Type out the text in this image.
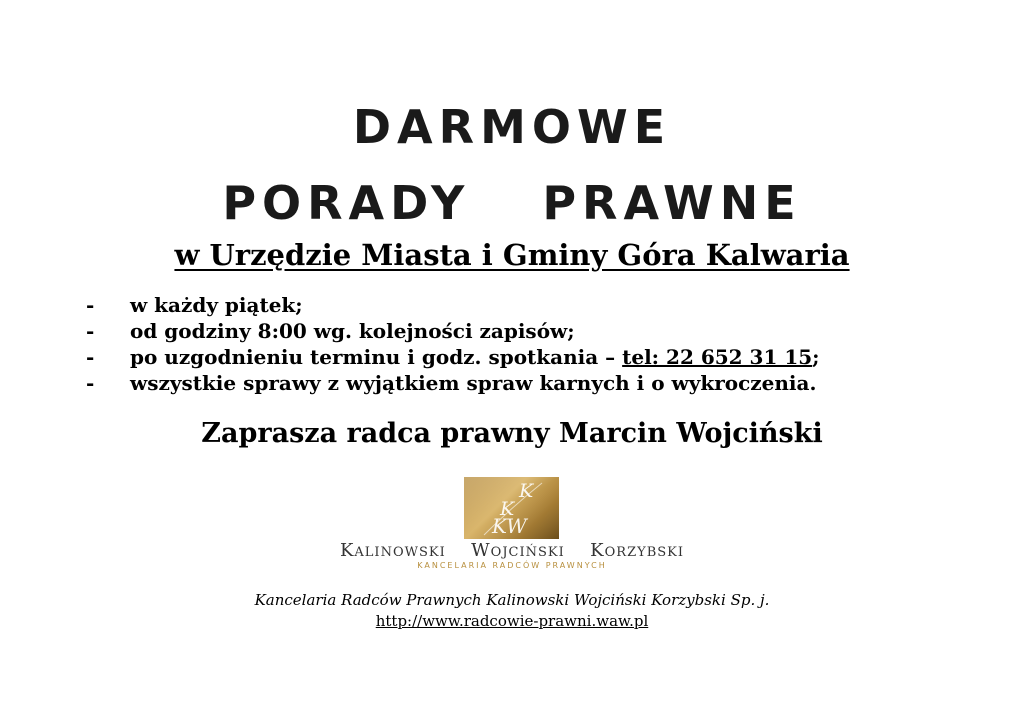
DARMOWE
PORADY  PRAWNE
w Urzędzie Miasta i Gminy Góra Kalwaria
- w każdy piątek;
- od godziny 8:00 wg. kolejności zapisów;
- po uzgodnieniu terminu i godz. spotkania – tel: 22 652 31 15;
- wszystkie sprawy z wyjątkiem spraw karnych i o wykroczenia.
Zaprasza radca prawny Marcin Wojciński
K
K
KW
Kalinowski  Wojciński  Korzybski
KANCELARIA RADCÓW PRAWNYCH
Kancelaria Radców Prawnych Kalinowski Wojciński Korzybski Sp. j.
http://www.radcowie-prawni.waw.pl
